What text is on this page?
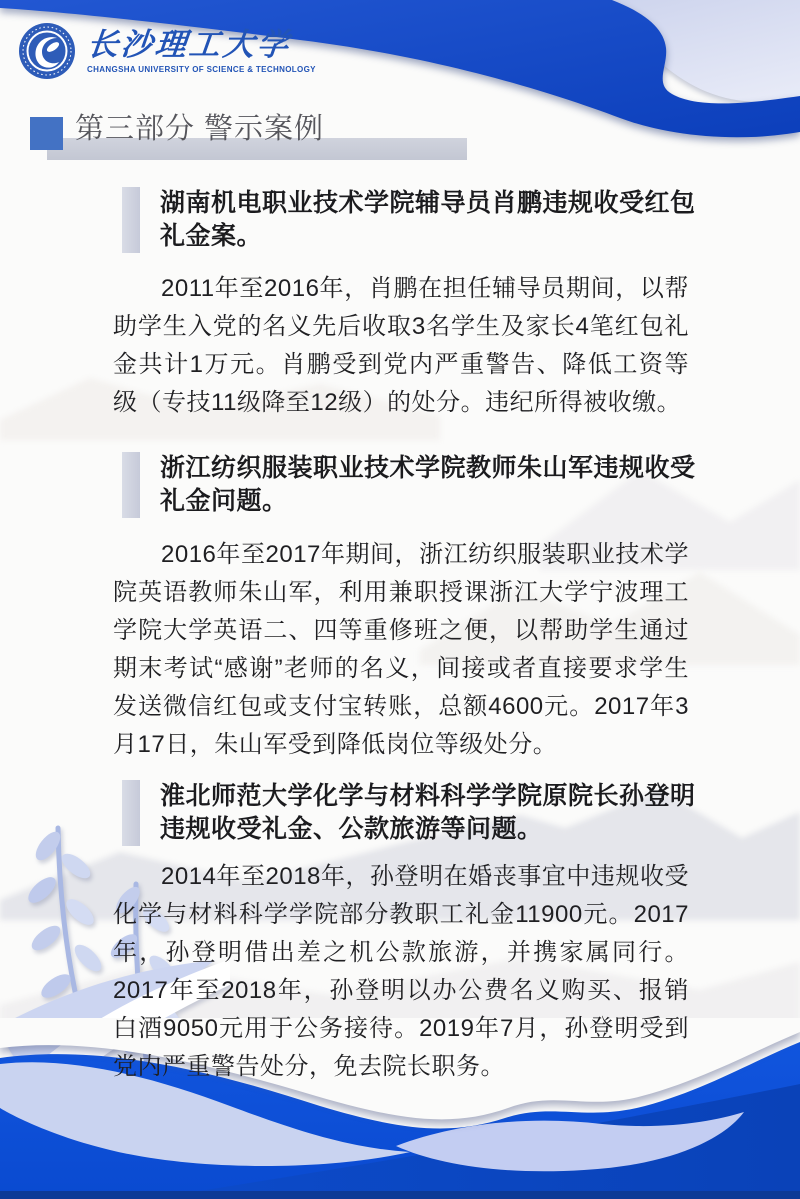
长沙理工大学
CHANGSHA UNIVERSITY OF SCIENCE & TECHNOLOGY
第三部分 警示案例
湖南机电职业技术学院辅导员肖鹏违规收受红包礼金案。
2011年至2016年，肖鹏在担任辅导员期间，以帮助学生入党的名义先后收取3名学生及家长4笔红包礼金共计1万元。肖鹏受到党内严重警告、降低工资等级（专技11级降至12级）的处分。违纪所得被收缴。
浙江纺织服装职业技术学院教师朱山军违规收受礼金问题。
2016年至2017年期间，浙江纺织服装职业技术学院英语教师朱山军，利用兼职授课浙江大学宁波理工学院大学英语二、四等重修班之便，以帮助学生通过期末考试“感谢”老师的名义，间接或者直接要求学生发送微信红包或支付宝转账，总额4600元。2017年3月17日，朱山军受到降低岗位等级处分。
淮北师范大学化学与材料科学学院原院长孙登明违规收受礼金、公款旅游等问题。
2014年至2018年，孙登明在婚丧事宜中违规收受化学与材料科学学院部分教职工礼金11900元。2017年，孙登明借出差之机公款旅游，并携家属同行。2017年至2018年，孙登明以办公费名义购买、报销白酒9050元用于公务接待。2019年7月，孙登明受到党内严重警告处分，免去院长职务。
